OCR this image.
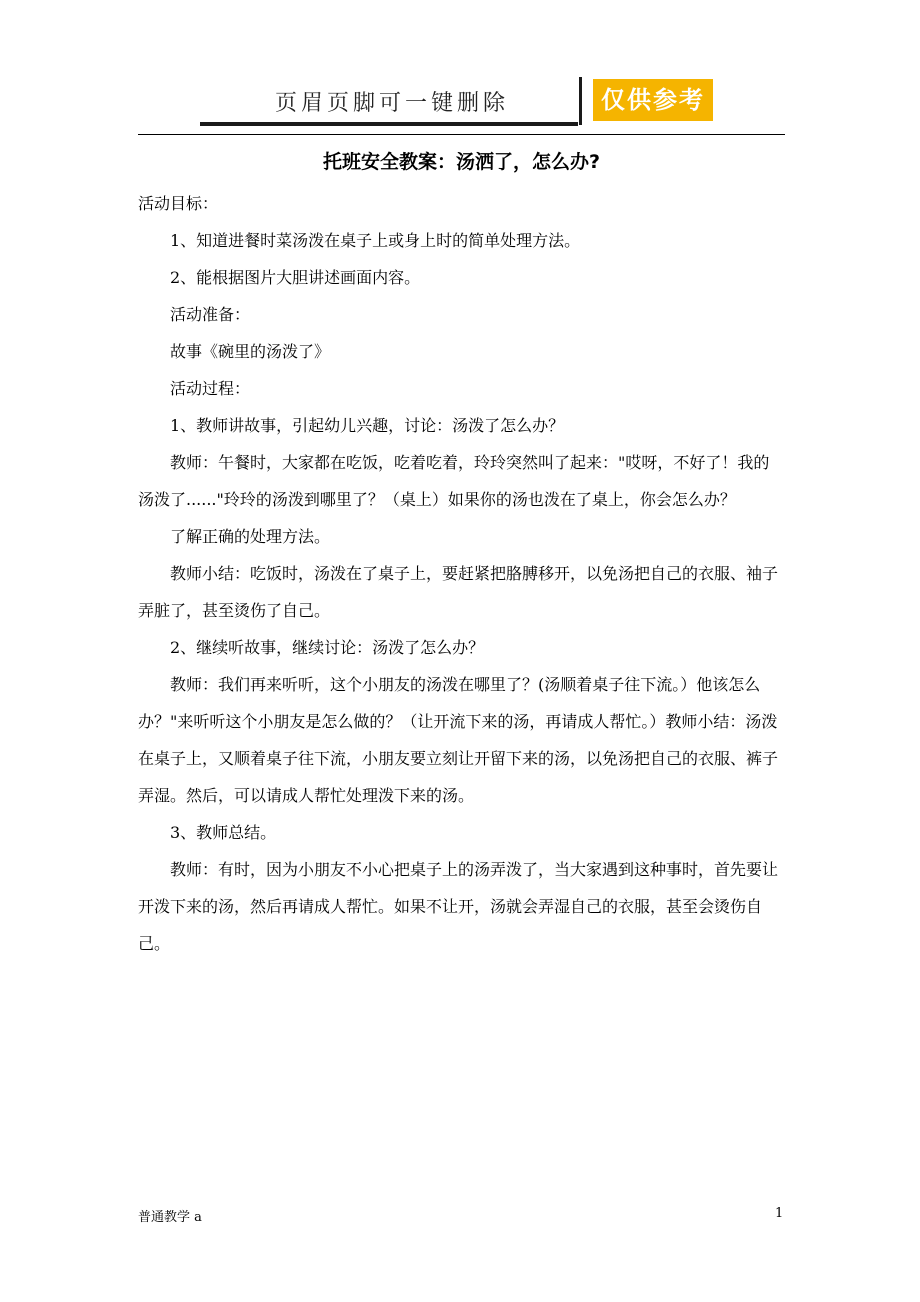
页眉页脚可一键删除	仅供参考
托班安全教案：汤洒了，怎么办?

活动目标：

1、知道进餐时菜汤泼在桌子上或身上时的简单处理方法。

2、能根据图片大胆讲述画面内容。

活动准备：

故事《碗里的汤泼了》

活动过程：

1、教师讲故事，引起幼儿兴趣，讨论：汤泼了怎么办？

教师：午餐时，大家都在吃饭，吃着吃着，玲玲突然叫了起来："哎呀，不好了！我的汤泼了......"玲玲的汤泼到哪里了？（桌上）如果你的汤也泼在了桌上，你会怎么办？

了解正确的处理方法。

教师小结：吃饭时，汤泼在了桌子上，要赶紧把胳膊移开，以免汤把自己的衣服、袖子弄脏了，甚至烫伤了自己。

2、继续听故事，继续讨论：汤泼了怎么办？

教师：我们再来听听，这个小朋友的汤泼在哪里了？(汤顺着桌子往下流。）他该怎么办？"来听听这个小朋友是怎么做的？（让开流下来的汤，再请成人帮忙。）教师小结：汤泼在桌子上，又顺着桌子往下流，小朋友要立刻让开留下来的汤，以免汤把自己的衣服、裤子弄湿。然后，可以请成人帮忙处理泼下来的汤。

3、教师总结。

教师：有时，因为小朋友不小心把桌子上的汤弄泼了，当大家遇到这种事时，首先要让开泼下来的汤，然后再请成人帮忙。如果不让开，汤就会弄湿自己的衣服，甚至会烫伤自己。

普通教学 a	1
